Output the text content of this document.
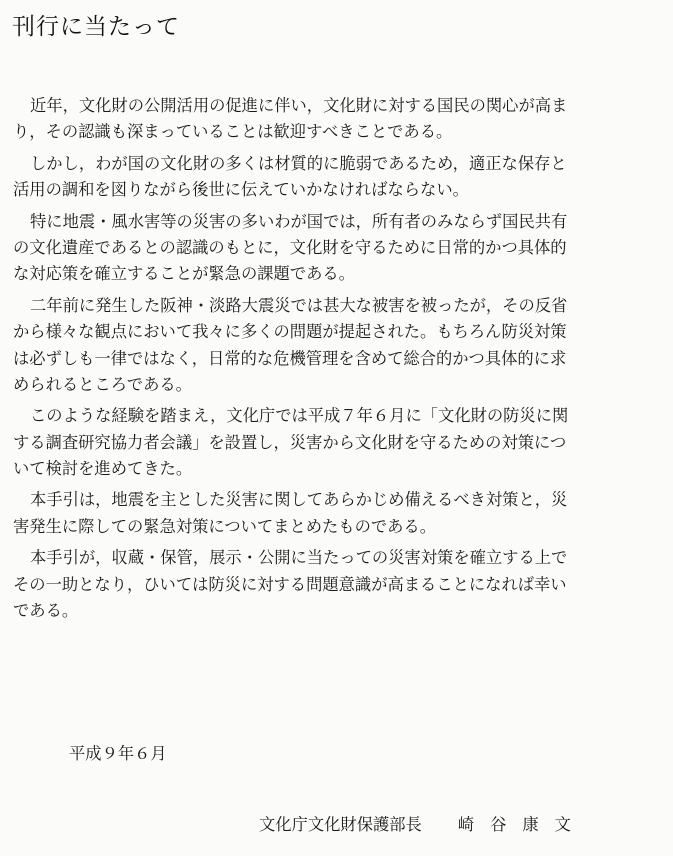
刊行に当たって
近年，文化財の公開活用の促進に伴い，文化財に対する国民の関心が高ま
り，その認識も深まっていることは歓迎すべきことである。
しかし，わが国の文化財の多くは材質的に脆弱であるため，適正な保存と
活用の調和を図りながら後世に伝えていかなければならない。
特に地震・風水害等の災害の多いわが国では，所有者のみならず国民共有
の文化遺産であるとの認識のもとに，文化財を守るために日常的かつ具体的
な対応策を確立することが緊急の課題である。
二年前に発生した阪神・淡路大震災では甚大な被害を被ったが，その反省
から様々な観点において我々に多くの問題が提起された。もちろん防災対策
は必ずしも一律ではなく，日常的な危機管理を含めて総合的かつ具体的に求
められるところである。
このような経験を踏まえ，文化庁では平成７年６月に「文化財の防災に関
する調査研究協力者会議」を設置し，災害から文化財を守るための対策につ
いて検討を進めてきた。
本手引は，地震を主とした災害に関してあらかじめ備えるべき対策と，災
害発生に際しての緊急対策についてまとめたものである。
本手引が，収蔵・保管，展示・公開に当たっての災害対策を確立する上で
その一助となり，ひいては防災に対する問題意識が高まることになれば幸い
である。
平成９年６月
文化庁文化財保護部長 崎谷康文
